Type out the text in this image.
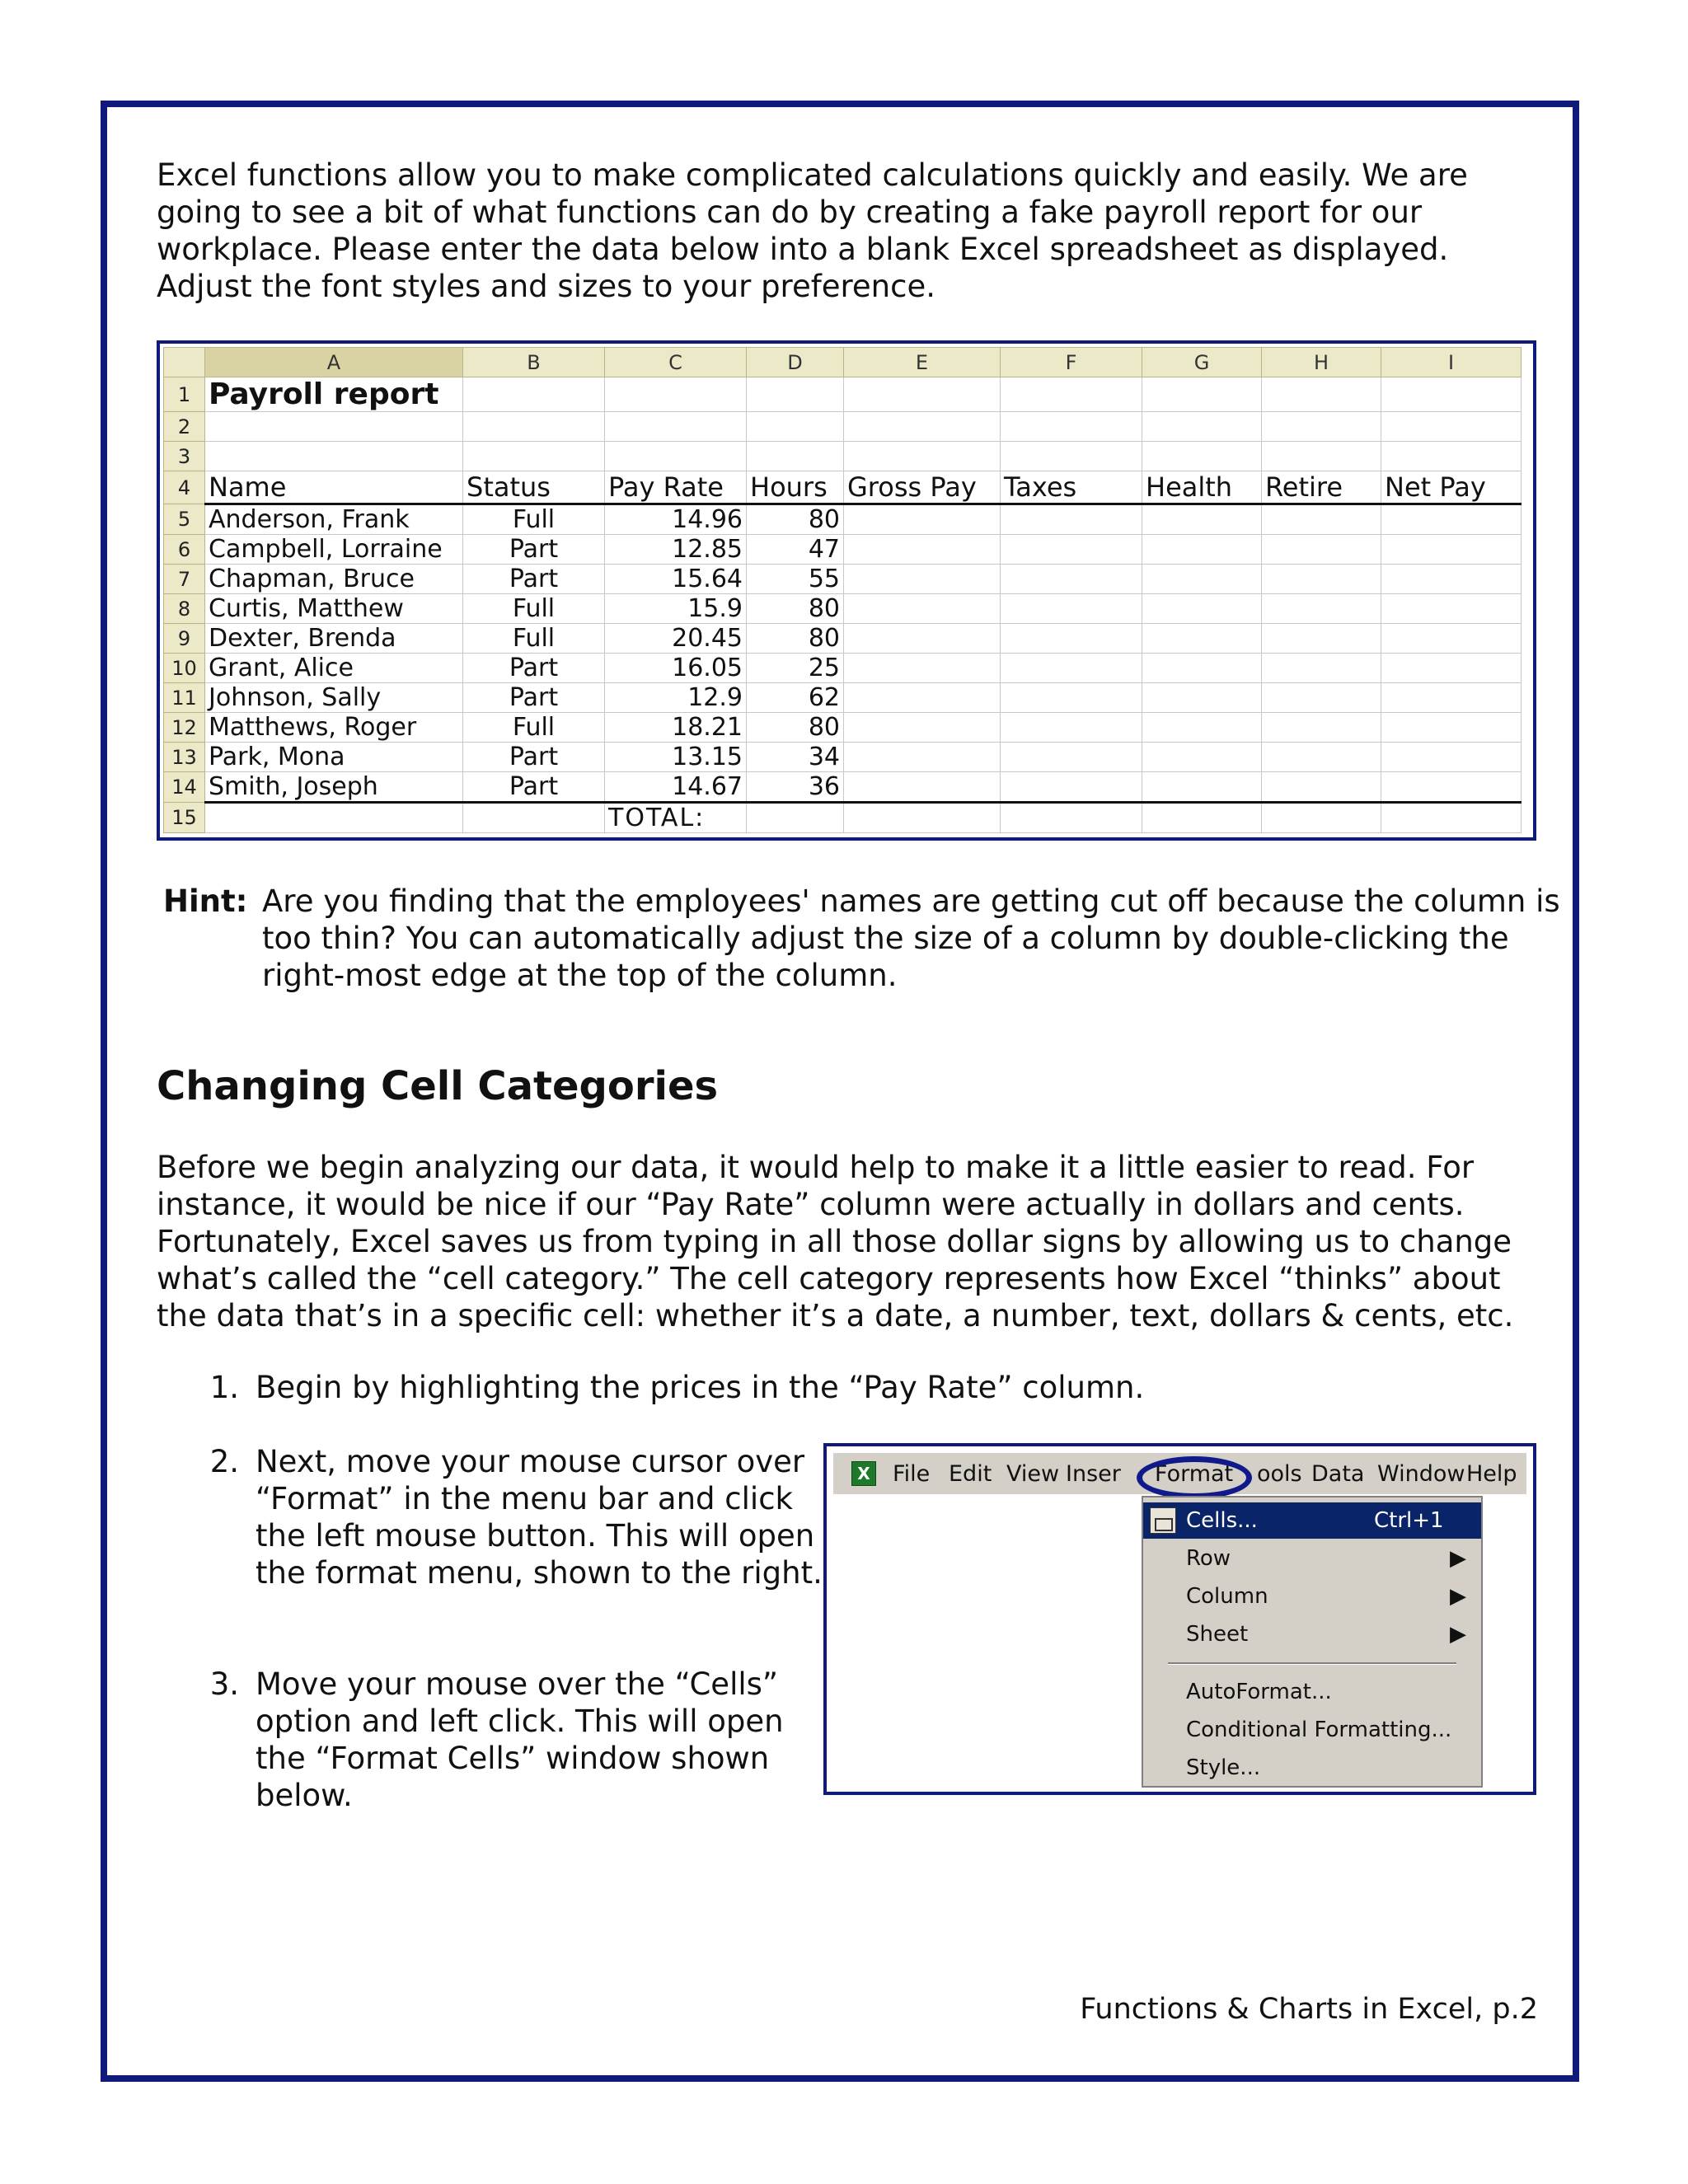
Excel functions allow you to make complicated calculations quickly and easily. We are going to see a bit of what functions can do by creating a fake payroll report for our workplace. Please enter the data below into a blank Excel spreadsheet as displayed. Adjust the font styles and sizes to your preference.

	A	B	C	D	E	F	G	H	I
1	Payroll report								
2									
3									
4	Name	Status	Pay Rate	Hours	Gross Pay	Taxes	Health	Retire	Net Pay
5	Anderson, Frank	Full	14.96	80					
6	Campbell, Lorraine	Part	12.85	47					
7	Chapman, Bruce	Part	15.64	55					
8	Curtis, Matthew	Full	15.9	80					
9	Dexter, Brenda	Full	20.45	80					
10	Grant, Alice	Part	16.05	25					
11	Johnson, Sally	Part	12.9	62					
12	Matthews, Roger	Full	18.21	80					
13	Park, Mona	Part	13.15	34					
14	Smith, Joseph	Part	14.67	36					
15			TOTAL:						
Hint: Are you finding that the employees' names are getting cut off because the column is too thin? You can automatically adjust the size of a column by double-clicking the right-most edge at the top of the column.

Changing Cell Categories

Before we begin analyzing our data, it would help to make it a little easier to read. For instance, it would be nice if our “Pay Rate” column were actually in dollars and cents. Fortunately, Excel saves us from typing in all those dollar signs by allowing us to change what’s called the “cell category.” The cell category represents how Excel “thinks” about the data that’s in a specific cell: whether it’s a date, a number, text, dollars & cents, etc.

1. Begin by highlighting the prices in the “Pay Rate” column.
2. Next, move your mouse cursor over “Format” in the menu bar and click the left mouse button. This will open the format menu, shown to the right.
3. Move your mouse over the “Cells” option and left click. This will open the “Format Cells” window shown below.
X File Edit View Inser Format ools Data Window Help
Cells...	Ctrl+1
Row	▶
Column	▶
Sheet	▶
AutoFormat...
Conditional Formatting...
Style...
Functions & Charts in Excel, p.2
